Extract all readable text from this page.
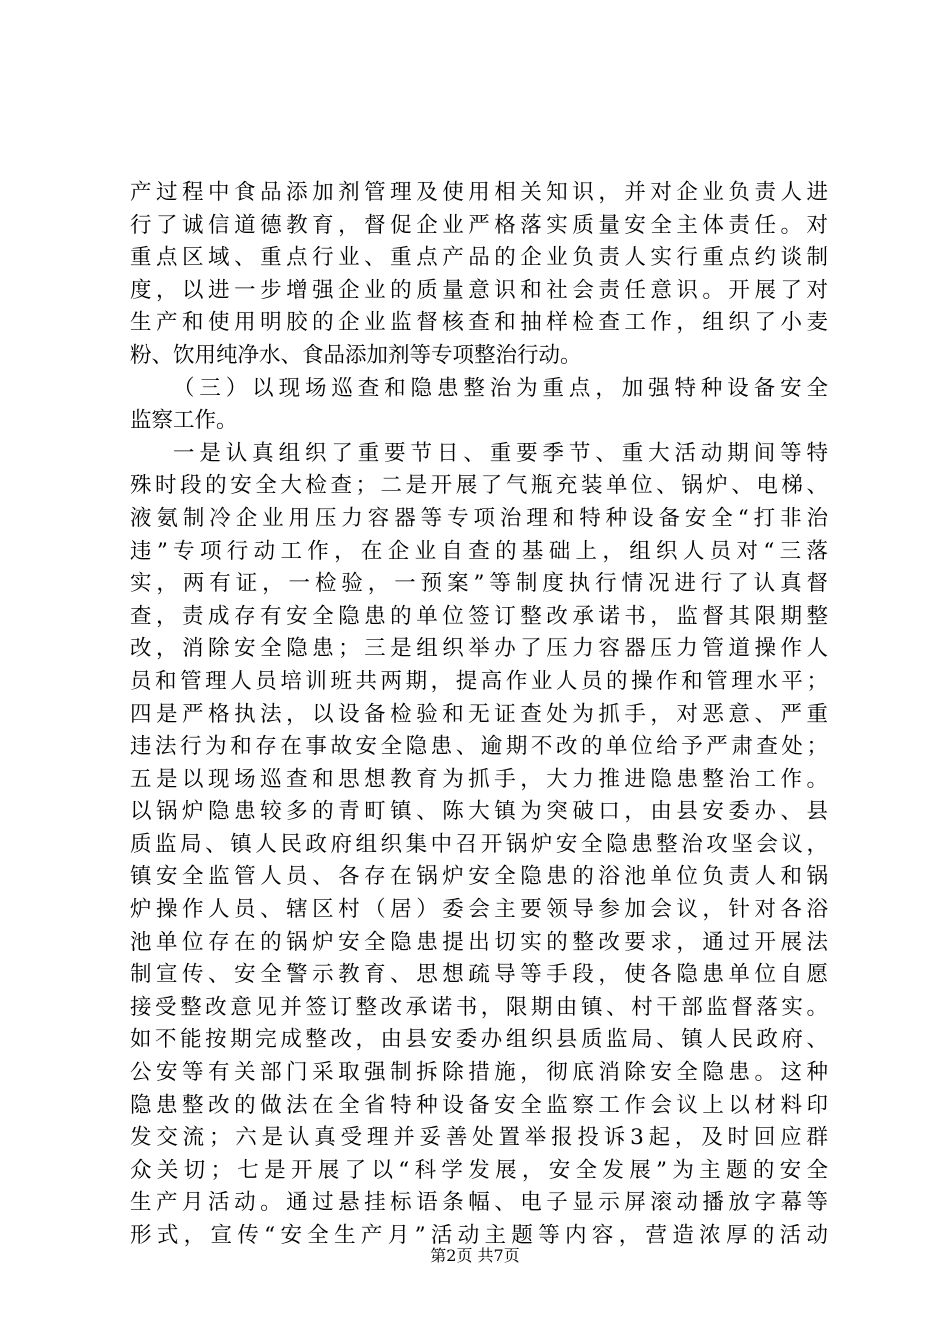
产过程中食品添加剂管理及使用相关知识，并对企业负责人进
行了诚信道德教育，督促企业严格落实质量安全主体责任。对
重点区域、重点行业、重点产品的企业负责人实行重点约谈制
度，以进一步增强企业的质量意识和社会责任意识。开展了对
生产和使用明胶的企业监督核查和抽样检查工作，组织了小麦
粉、饮用纯净水、食品添加剂等专项整治行动。
（三）以现场巡查和隐患整治为重点，加强特种设备安全
监察工作。
一是认真组织了重要节日、重要季节、重大活动期间等特
殊时段的安全大检查；二是开展了气瓶充装单位、锅炉、电梯、
液氨制冷企业用压力容器等专项治理和特种设备安全“打非治
违”专项行动工作，在企业自查的基础上，组织人员对“三落
实，两有证，一检验，一预案”等制度执行情况进行了认真督
查，责成存有安全隐患的单位签订整改承诺书，监督其限期整
改，消除安全隐患；三是组织举办了压力容器压力管道操作人
员和管理人员培训班共两期，提高作业人员的操作和管理水平；
四是严格执法，以设备检验和无证查处为抓手，对恶意、严重
违法行为和存在事故安全隐患、逾期不改的单位给予严肃查处；
五是以现场巡查和思想教育为抓手，大力推进隐患整治工作。
以锅炉隐患较多的青町镇、陈大镇为突破口，由县安委办、县
质监局、镇人民政府组织集中召开锅炉安全隐患整治攻坚会议，
镇安全监管人员、各存在锅炉安全隐患的浴池单位负责人和锅
炉操作人员、辖区村（居）委会主要领导参加会议，针对各浴
池单位存在的锅炉安全隐患提出切实的整改要求，通过开展法
制宣传、安全警示教育、思想疏导等手段，使各隐患单位自愿
接受整改意见并签订整改承诺书，限期由镇、村干部监督落实。
如不能按期完成整改，由县安委办组织县质监局、镇人民政府、
公安等有关部门采取强制拆除措施，彻底消除安全隐患。这种
隐患整改的做法在全省特种设备安全监察工作会议上以材料印
发交流；六是认真受理并妥善处置举报投诉3起，及时回应群
众关切；七是开展了以“科学发展，安全发展”为主题的安全
生产月活动。通过悬挂标语条幅、电子显示屏滚动播放字幕等
形式，宣传“安全生产月”活动主题等内容，营造浓厚的活动
第2页 共7页
